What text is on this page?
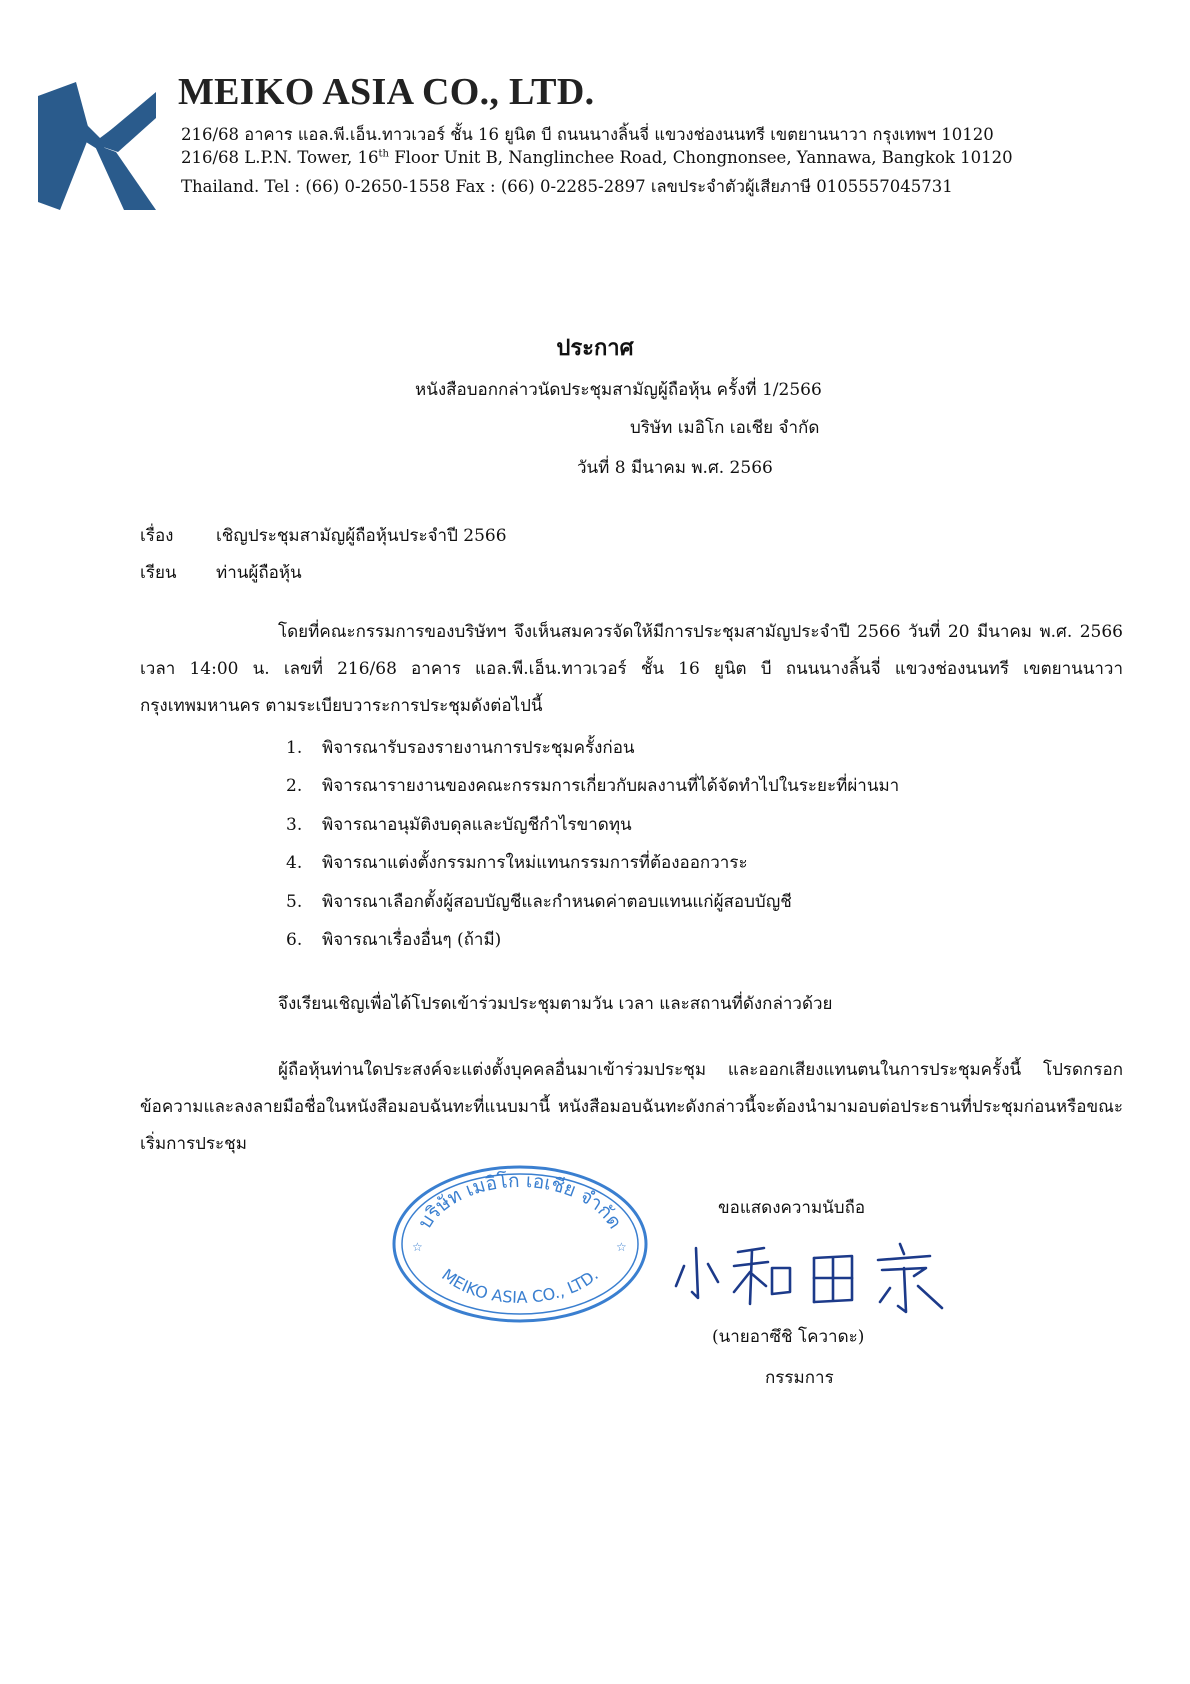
MEIKO ASIA CO., LTD.
216/68 อาคาร แอล.พี.เอ็น.ทาวเวอร์ ชั้น 16 ยูนิต บี ถนนนางลิ้นจี่ แขวงช่องนนทรี เขตยานนาวา กรุงเทพฯ 10120
216/68 L.P.N. Tower, 16th Floor Unit B, Nanglinchee Road, Chongnonsee, Yannawa, Bangkok 10120
Thailand. Tel : (66) 0-2650-1558 Fax : (66) 0-2285-2897 เลขประจำตัวผู้เสียภาษี 0105557045731
ประกาศ
หนังสือบอกกล่าวนัดประชุมสามัญผู้ถือหุ้น ครั้งที่ 1/2566
บริษัท เมอิโก เอเชีย จำกัด
วันที่ 8 มีนาคม พ.ศ. 2566
เรื่อง	เชิญประชุมสามัญผู้ถือหุ้นประจำปี 2566
เรียน ท่านผู้ถือหุ้น
โดยที่คณะกรรมการของบริษัทฯ จึงเห็นสมควรจัดให้มีการประชุมสามัญประจำปี 2566 วันที่ 20 มีนาคม พ.ศ. 2566 เวลา 14:00 น. เลขที่ 216/68 อาคาร แอล.พี.เอ็น.ทาวเวอร์ ชั้น 16 ยูนิต บี ถนนนางลิ้นจี่ แขวงช่องนนทรี เขตยานนาวา กรุงเทพมหานคร ตามระเบียบวาระการประชุมดังต่อไปนี้
1. พิจารณารับรองรายงานการประชุมครั้งก่อน
2. พิจารณารายงานของคณะกรรมการเกี่ยวกับผลงานที่ได้จัดทำไปในระยะที่ผ่านมา
3. พิจารณาอนุมัติงบดุลและบัญชีกำไรขาดทุน
4. พิจารณาแต่งตั้งกรรมการใหม่แทนกรรมการที่ต้องออกวาระ
5. พิจารณาเลือกตั้งผู้สอบบัญชีและกำหนดค่าตอบแทนแก่ผู้สอบบัญชี
6. พิจารณาเรื่องอื่นๆ (ถ้ามี)
จึงเรียนเชิญเพื่อได้โปรดเข้าร่วมประชุมตามวัน เวลา และสถานที่ดังกล่าวด้วย
ผู้ถือหุ้นท่านใดประสงค์จะแต่งตั้งบุคคลอื่นมาเข้าร่วมประชุม และออกเสียงแทนตนในการประชุมครั้งนี้ โปรดกรอกข้อความและลงลายมือชื่อในหนังสือมอบฉันทะที่แนบมานี้ หนังสือมอบฉันทะดังกล่าวนี้จะต้องนำมามอบต่อประธานที่ประชุมก่อนหรือขณะเริ่มการประชุม
บริษัท เมอิโก เอเชีย จำกัด
MEIKO ASIA CO., LTD.
☆	☆
ขอแสดงความนับถือ
(นายอาซึชิ โควาดะ)
กรรมการ
